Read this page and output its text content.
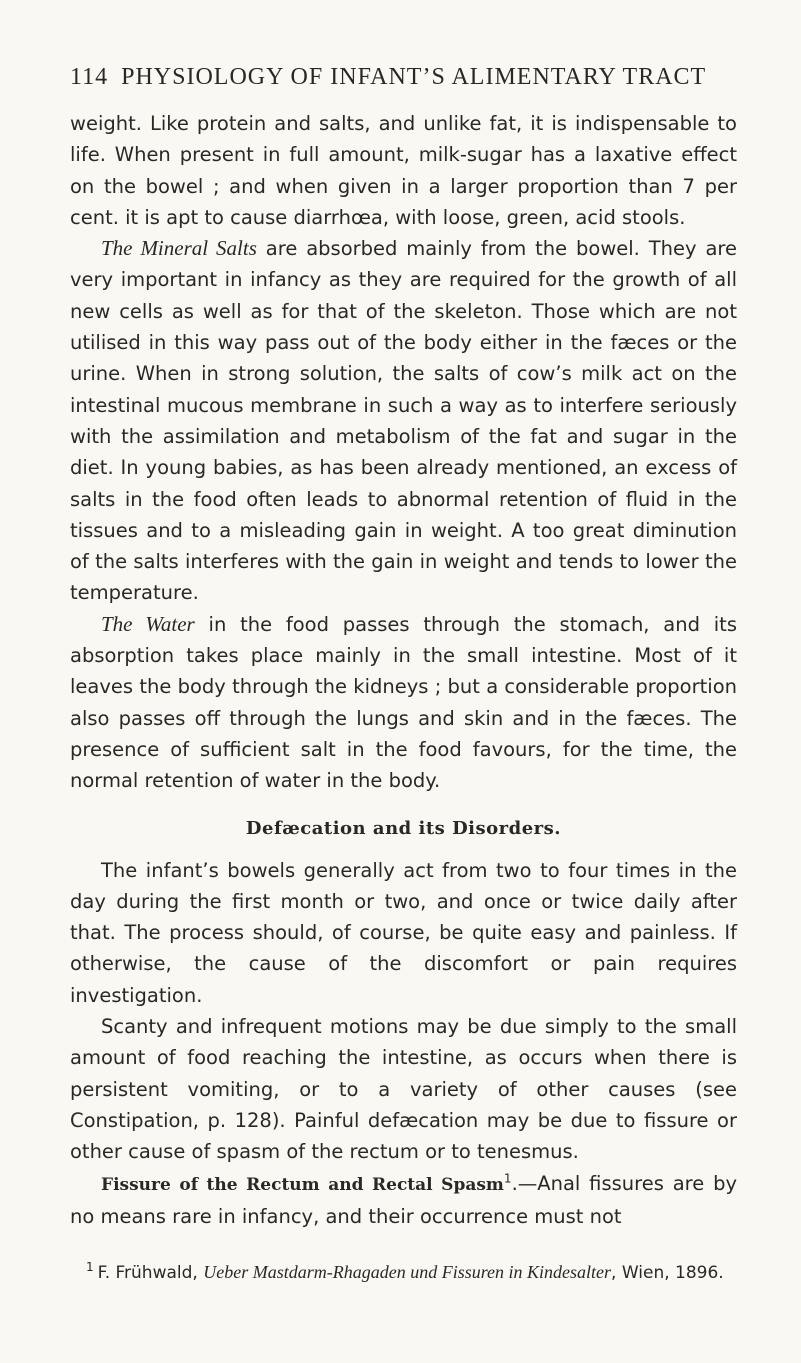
114 PHYSIOLOGY OF INFANT’S ALIMENTARY TRACT

weight. Like protein and salts, and unlike fat, it is indispensable to life. When present in full amount, milk-sugar has a laxative effect on the bowel ; and when given in a larger proportion than 7 per cent. it is apt to cause diarrhœa, with loose, green, acid stools.

The Mineral Salts are absorbed mainly from the bowel. They are very important in infancy as they are required for the growth of all new cells as well as for that of the skeleton. Those which are not utilised in this way pass out of the body either in the fæces or the urine. When in strong solution, the salts of cow’s milk act on the intestinal mucous membrane in such a way as to interfere seriously with the assimilation and metabolism of the fat and sugar in the diet. In young babies, as has been already mentioned, an excess of salts in the food often leads to abnormal retention of fluid in the tissues and to a misleading gain in weight. A too great diminution of the salts interferes with the gain in weight and tends to lower the temperature.

The Water in the food passes through the stomach, and its absorption takes place mainly in the small intestine. Most of it leaves the body through the kidneys ; but a considerable proportion also passes off through the lungs and skin and in the fæces. The presence of sufficient salt in the food favours, for the time, the normal retention of water in the body.

Defæcation and its Disorders.

The infant’s bowels generally act from two to four times in the day during the first month or two, and once or twice daily after that. The process should, of course, be quite easy and painless. If otherwise, the cause of the discomfort or pain requires investigation.

Scanty and infrequent motions may be due simply to the small amount of food reaching the intestine, as occurs when there is persistent vomiting, or to a variety of other causes (see Constipation, p. 128). Painful defæcation may be due to fissure or other cause of spasm of the rectum or to tenesmus.

Fissure of the Rectum and Rectal Spasm$^1$.—Anal fissures are by no means rare in infancy, and their occurrence must not

$^1$ F. Frühwald, Ueber Mastdarm-Rhagaden und Fissuren in Kindesalter, Wien, 1896.
